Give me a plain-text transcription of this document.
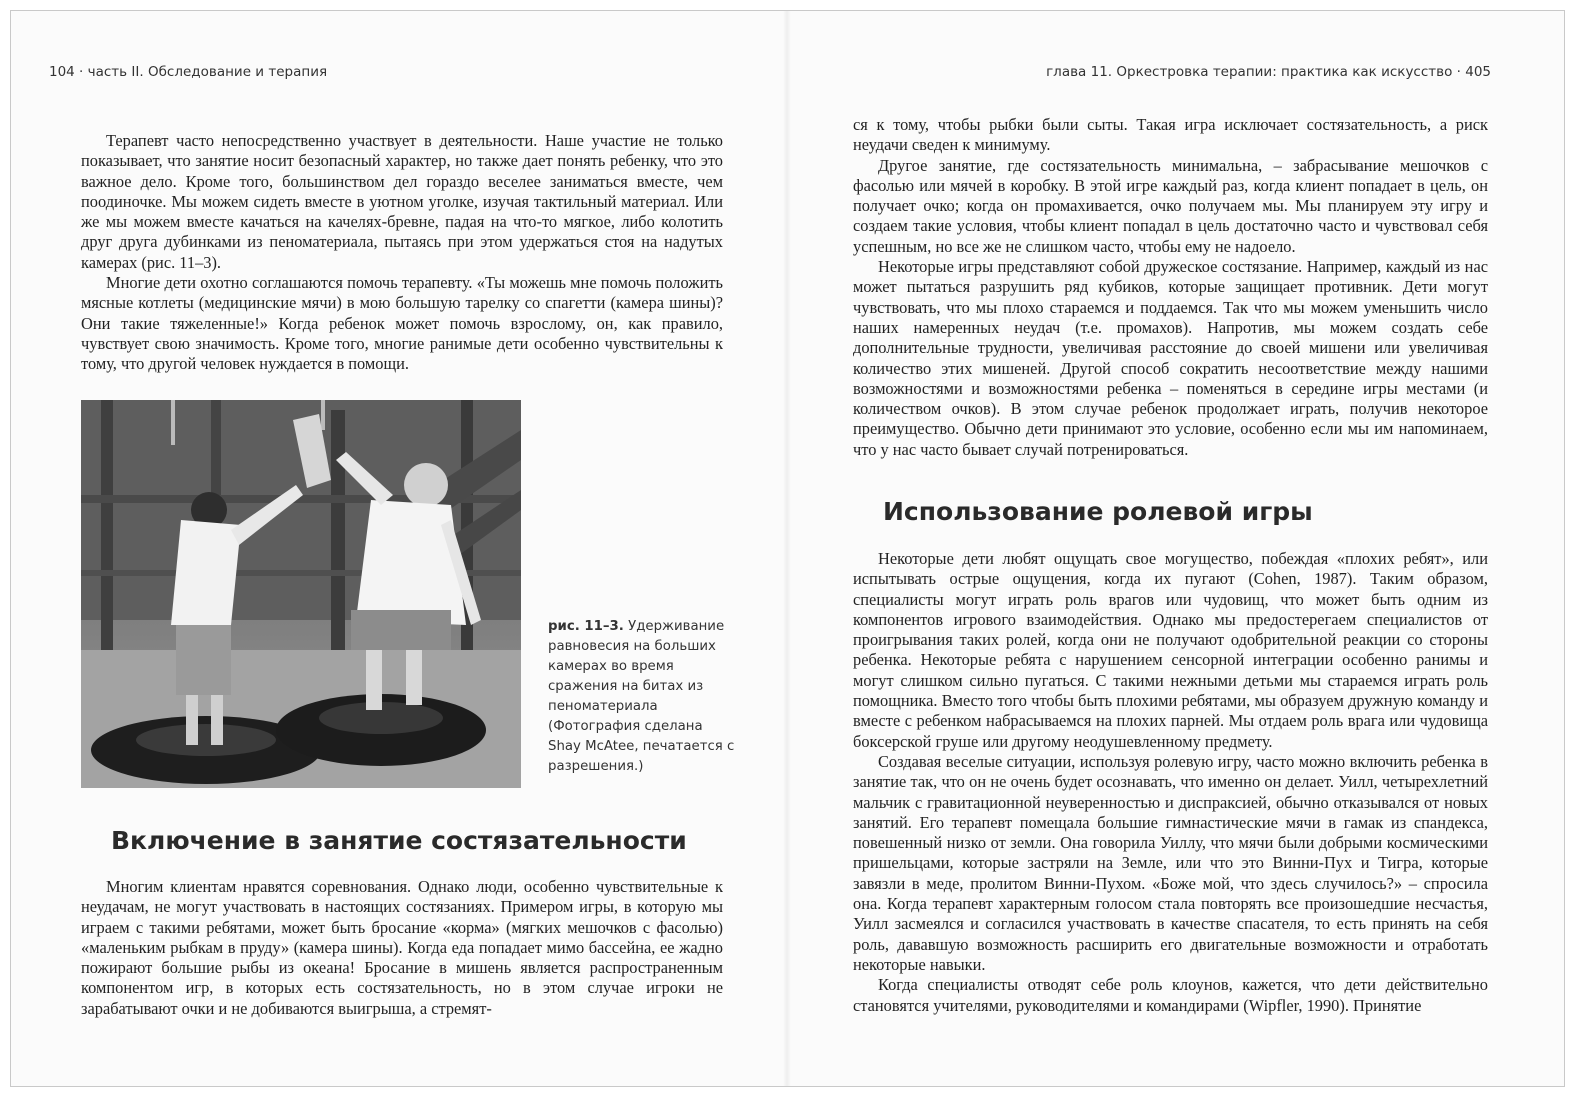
104 · часть II. Обследование и терапия

Терапевт часто непосредственно участвует в деятельности. Наше участие не только показывает, что занятие носит безопасный характер, но также дает понять ребенку, что это важное дело. Кроме того, большинством дел гораздо веселее заниматься вместе, чем поодиночке. Мы можем сидеть вместе в уютном уголке, изучая тактильный материал. Или же мы можем вместе качаться на качелях-бревне, падая на что-то мягкое, либо колотить друг друга дубинками из пеноматериала, пытаясь при этом удержаться стоя на надутых камерах (рис. 11–3).

Многие дети охотно соглашаются помочь терапевту. «Ты можешь мне помочь положить мясные котлеты (медицинские мячи) в мою большую тарелку со спагетти (камера шины)? Они такие тяжеленные!» Когда ребенок может помочь взрослому, он, как правило, чувствует свою значимость. Кроме того, многие ранимые дети особенно чувствительны к тому, что другой человек нуждается в помощи.

рис. 11–3. Удерживание равновесия на больших камерах во время сражения на битах из пеноматериала (Фотография сделана Shay McAtee, печатается с разрешения.)
Включение в занятие состязательности

Многим клиентам нравятся соревнования. Однако люди, особенно чувствительные к неудачам, не могут участвовать в настоящих состязаниях. Примером игры, в которую мы играем с такими ребятами, может быть бросание «корма» (мягких мешочков с фасолью) «маленьким рыбкам в пруду» (камера шины). Когда еда попадает мимо бассейна, ее жадно пожирают большие рыбы из океана! Бросание в мишень является распространенным компонентом игр, в которых есть состязательность, но в этом случае игроки не зарабатывают очки и не добиваются выигрыша, а стремят-

глава 11. Оркестровка терапии: практика как искусство · 405

ся к тому, чтобы рыбки были сыты. Такая игра исключает состязательность, а риск неудачи сведен к минимуму.

Другое занятие, где состязательность минимальна, – забрасывание мешочков с фасолью или мячей в коробку. В этой игре каждый раз, когда клиент попадает в цель, он получает очко; когда он промахивается, очко получаем мы. Мы планируем эту игру и создаем такие условия, чтобы клиент попадал в цель достаточно часто и чувствовал себя успешным, но все же не слишком часто, чтобы ему не надоело.

Некоторые игры представляют собой дружеское состязание. Например, каждый из нас может пытаться разрушить ряд кубиков, которые защищает противник. Дети могут чувствовать, что мы плохо стараемся и поддаемся. Так что мы можем уменьшить число наших намеренных неудач (т.е. промахов). Напротив, мы можем создать себе дополнительные трудности, увеличивая расстояние до своей мишени или увеличивая количество этих мишеней. Другой способ сократить несоответствие между нашими возможностями и возможностями ребенка – поменяться в середине игры местами (и количеством очков). В этом случае ребенок продолжает играть, получив некоторое преимущество. Обычно дети принимают это условие, особенно если мы им напоминаем, что у нас часто бывает случай потренироваться.

Использование ролевой игры

Некоторые дети любят ощущать свое могущество, побеждая «плохих ребят», или испытывать острые ощущения, когда их пугают (Cohen, 1987). Таким образом, специалисты могут играть роль врагов или чудовищ, что может быть одним из компонентов игрового взаимодействия. Однако мы предостерегаем специалистов от проигрывания таких ролей, когда они не получают одобрительной реакции со стороны ребенка. Некоторые ребята с нарушением сенсорной интеграции особенно ранимы и могут слишком сильно пугаться. С такими нежными детьми мы стараемся играть роль помощника. Вместо того чтобы быть плохими ребятами, мы образуем дружную команду и вместе с ребенком набрасываемся на плохих парней. Мы отдаем роль врага или чудовища боксерской груше или другому неодушевленному предмету.

Создавая веселые ситуации, используя ролевую игру, часто можно включить ребенка в занятие так, что он не очень будет осознавать, что именно он делает. Уилл, четырехлетний мальчик с гравитационной неуверенностью и диспраксией, обычно отказывался от новых занятий. Его терапевт помещала большие гимнастические мячи в гамак из спандекса, повешенный низко от земли. Она говорила Уиллу, что мячи были добрыми космическими пришельцами, которые застряли на Земле, или что это Винни-Пух и Тигра, которые завязли в меде, пролитом Винни-Пухом. «Боже мой, что здесь случилось?» – спросила она. Когда терапевт характерным голосом стала повторять все произошедшие несчастья, Уилл засмеялся и согласился участвовать в качестве спасателя, то есть принять на себя роль, дававшую возможность расширить его двигательные возможности и отработать некоторые навыки.

Когда специалисты отводят себе роль клоунов, кажется, что дети действительно становятся учителями, руководителями и командирами (Wipfler, 1990). Принятие
